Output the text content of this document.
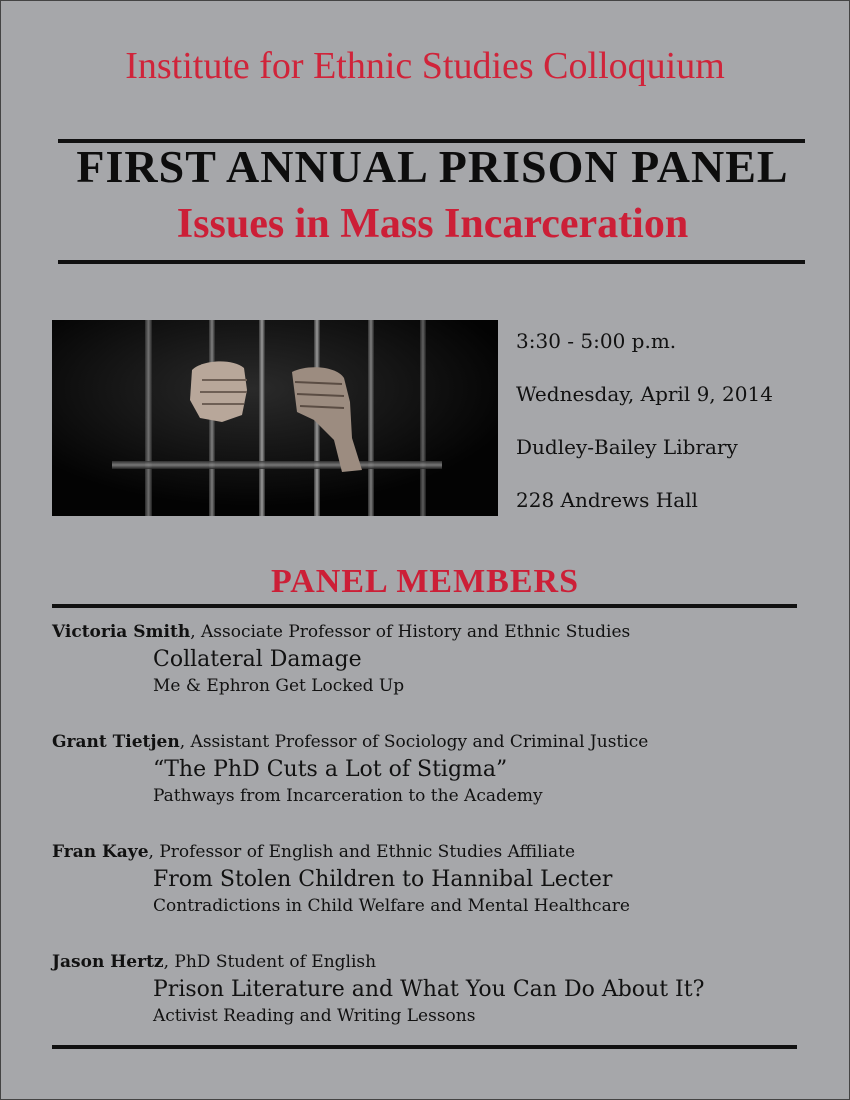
Institute for Ethnic Studies Colloquium
FIRST ANNUAL PRISON PANEL
Issues in Mass Incarceration
3:30 - 5:00 p.m.
Wednesday, April 9, 2014
Dudley-Bailey Library
228 Andrews Hall
PANEL MEMBERS
Victoria Smith, Associate Professor of History and Ethnic Studies
Collateral Damage
Me & Ephron Get Locked Up
Grant Tietjen, Assistant Professor of Sociology and Criminal Justice
“The PhD Cuts a Lot of Stigma”
Pathways from Incarceration to the Academy
Fran Kaye, Professor of English and Ethnic Studies Affiliate
From Stolen Children to Hannibal Lecter
Contradictions in Child Welfare and Mental Healthcare
Jason Hertz, PhD Student of English
Prison Literature and What You Can Do About It?
Activist Reading and Writing Lessons
